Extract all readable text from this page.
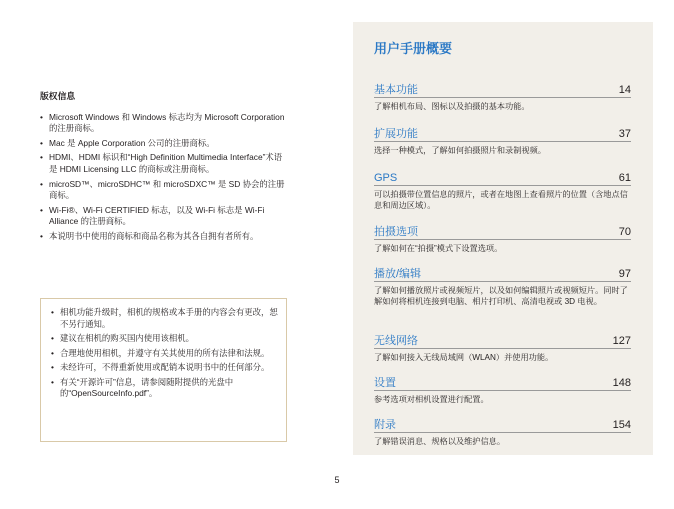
版权信息

• Microsoft Windows 和 Windows 标志均为 Microsoft Corporation 的注册商标。
• Mac 是 Apple Corporation 公司的注册商标。
• HDMI、HDMI 标识和“High Definition Multimedia Interface”术语是 HDMI Licensing LLC 的商标或注册商标。
• microSD™、microSDHC™ 和 microSDXC™ 是 SD 协会的注册商标。
• Wi-Fi®、Wi-Fi CERTIFIED 标志，以及 Wi-Fi 标志是 Wi-Fi Alliance 的注册商标。
• 本说明书中使用的商标和商品名称为其各自拥有者所有。
• 相机功能升级时，相机的规格或本手册的内容会有更改，恕不另行通知。
• 建议在相机的购买国内使用该相机。
• 合理地使用相机，并遵守有关其使用的所有法律和法规。
• 未经许可，不得重新使用或配销本说明书中的任何部分。
• 有关“开源许可”信息，请参阅随附提供的光盘中的“OpenSourceInfo.pdf”。
用户手册概要
基本功能	14
了解相机布局、图标以及拍摄的基本功能。
扩展功能	37
选择一种模式，了解如何拍摄照片和录制视频。
GPS	61
可以拍摄带位置信息的照片，或者在地图上查看照片的位置（含地点信息和周边区域）。
拍摄选项	70
了解如何在“拍摄”模式下设置选项。
播放/编辑	97
了解如何播放照片或视频短片，以及如何编辑照片或视频短片。同时了解如何将相机连接到电脑、相片打印机、高清电视或 3D 电视。
无线网络	127
了解如何接入无线局域网（WLAN）并使用功能。
设置	148
参考选项对相机设置进行配置。
附录	154
了解错误消息、规格以及维护信息。
5
